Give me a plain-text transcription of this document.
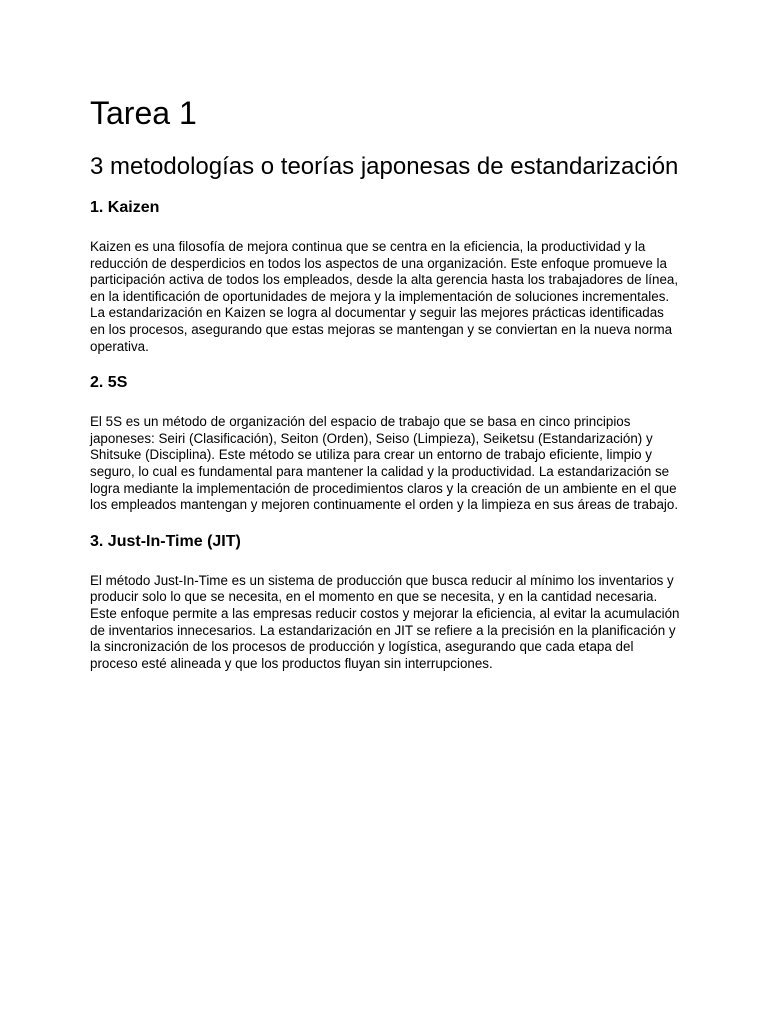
Tarea 1
3 metodologías o teorías japonesas de estandarización
1. Kaizen

Kaizen es una filosofía de mejora continua que se centra en la eficiencia, la productividad y la reducción de desperdicios en todos los aspectos de una organización. Este enfoque promueve la participación activa de todos los empleados, desde la alta gerencia hasta los trabajadores de línea, en la identificación de oportunidades de mejora y la implementación de soluciones incrementales. La estandarización en Kaizen se logra al documentar y seguir las mejores prácticas identificadas en los procesos, asegurando que estas mejoras se mantengan y se conviertan en la nueva norma operativa.

2. 5S

El 5S es un método de organización del espacio de trabajo que se basa en cinco principios japoneses: Seiri (Clasificación), Seiton (Orden), Seiso (Limpieza), Seiketsu (Estandarización) y Shitsuke (Disciplina). Este método se utiliza para crear un entorno de trabajo eficiente, limpio y seguro, lo cual es fundamental para mantener la calidad y la productividad. La estandarización se logra mediante la implementación de procedimientos claros y la creación de un ambiente en el que los empleados mantengan y mejoren continuamente el orden y la limpieza en sus áreas de trabajo.

3. Just-In-Time (JIT)

El método Just-In-Time es un sistema de producción que busca reducir al mínimo los inventarios y producir solo lo que se necesita, en el momento en que se necesita, y en la cantidad necesaria. Este enfoque permite a las empresas reducir costos y mejorar la eficiencia, al evitar la acumulación de inventarios innecesarios. La estandarización en JIT se refiere a la precisión en la planificación y la sincronización de los procesos de producción y logística, asegurando que cada etapa del proceso esté alineada y que los productos fluyan sin interrupciones.
